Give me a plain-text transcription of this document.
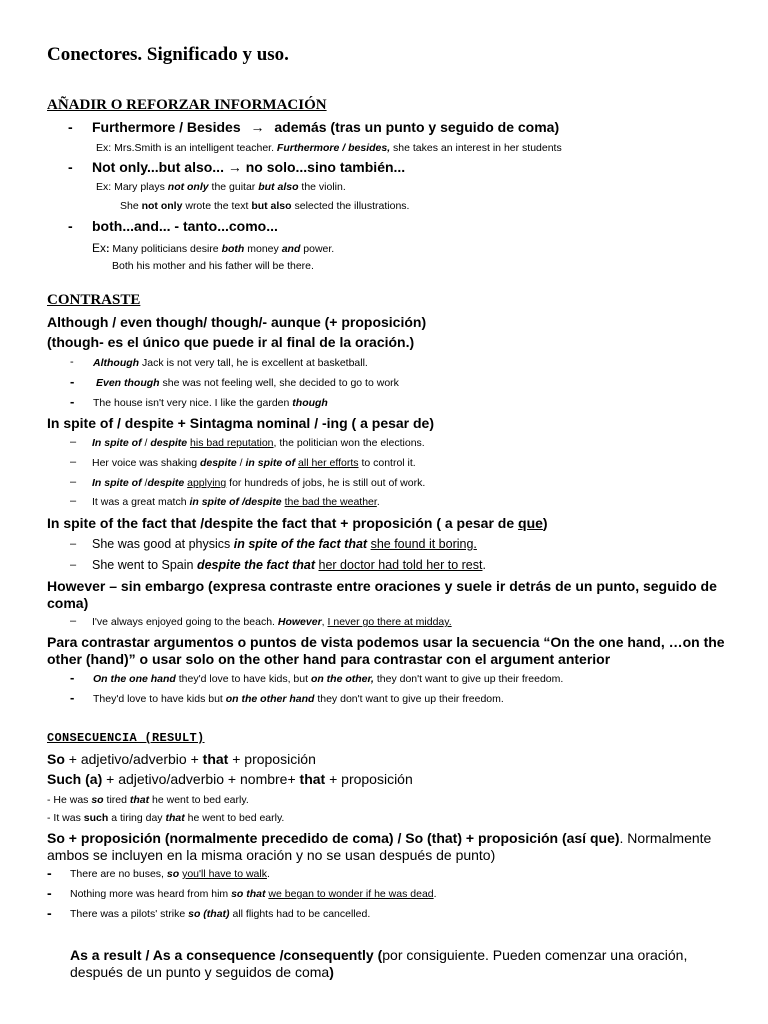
Conectores. Significado y uso.
AÑADIR O REFORZAR INFORMACIÓN
- Furthermore / Besides → además (tras un punto y seguido de coma)
Ex: Mrs.Smith is an intelligent teacher. Furthermore / besides, she takes an interest in her students
- Not only...but also... → no solo...sino también...
Ex: Mary plays not only the guitar but also the violin.
She not only wrote the text but also selected the illustrations.
- both...and... - tanto...como...
Ex: Many politicians desire both money and power.
Both his mother and his father will be there.
CONTRASTE
Although / even though/ though/- aunque (+ proposición)
(though- es el único que puede ir al final de la oración.)
- Although Jack is not very tall, he is excellent at basketball.
- Even though she was not feeling well, she decided to go to work
- The house isn't very nice. I like the garden though
In spite of / despite + Sintagma nominal / -ing ( a pesar de)
– In spite of / despite his bad reputation, the politician won the elections.
– Her voice was shaking despite / in spite of all her efforts to control it.
– In spite of /despite applying for hundreds of jobs, he is still out of work.
– It was a great match in spite of /despite the bad the weather.
In spite of the fact that /despite the fact that + proposición ( a pesar de que)
– She was good at physics in spite of the fact that she found it boring.
– She went to Spain despite the fact that her doctor had told her to rest.
However – sin embargo (expresa contraste entre oraciones y suele ir detrás de un punto, seguido de coma)
– I've always enjoyed going to the beach. However, I never go there at midday.
Para contrastar argumentos o puntos de vista podemos usar la secuencia “On the one hand, …on the other (hand)” o usar solo on the other hand para contrastar con el argument anterior
- On the one hand they'd love to have kids, but on the other, they don't want to give up their freedom.
- They'd love to have kids but on the other hand they don't want to give up their freedom.
CONSECUENCIA (RESULT)
So + adjetivo/adverbio + that + proposición
Such (a) + adjetivo/adverbio + nombre+ that + proposición
- He was so tired that he went to bed early.
- It was such a tiring day that he went to bed early.
So + proposición (normalmente precedido de coma) / So (that) + proposición (así que). Normalmente ambos se incluyen en la misma oración y no se usan después de punto)
- There are no buses, so you'll have to walk.
- Nothing more was heard from him so that we began to wonder if he was dead.
- There was a pilots' strike so (that) all flights had to be cancelled.
As a result / As a consequence /consequently (por consiguiente. Pueden comenzar una oración, después de un punto y seguidos de coma)
